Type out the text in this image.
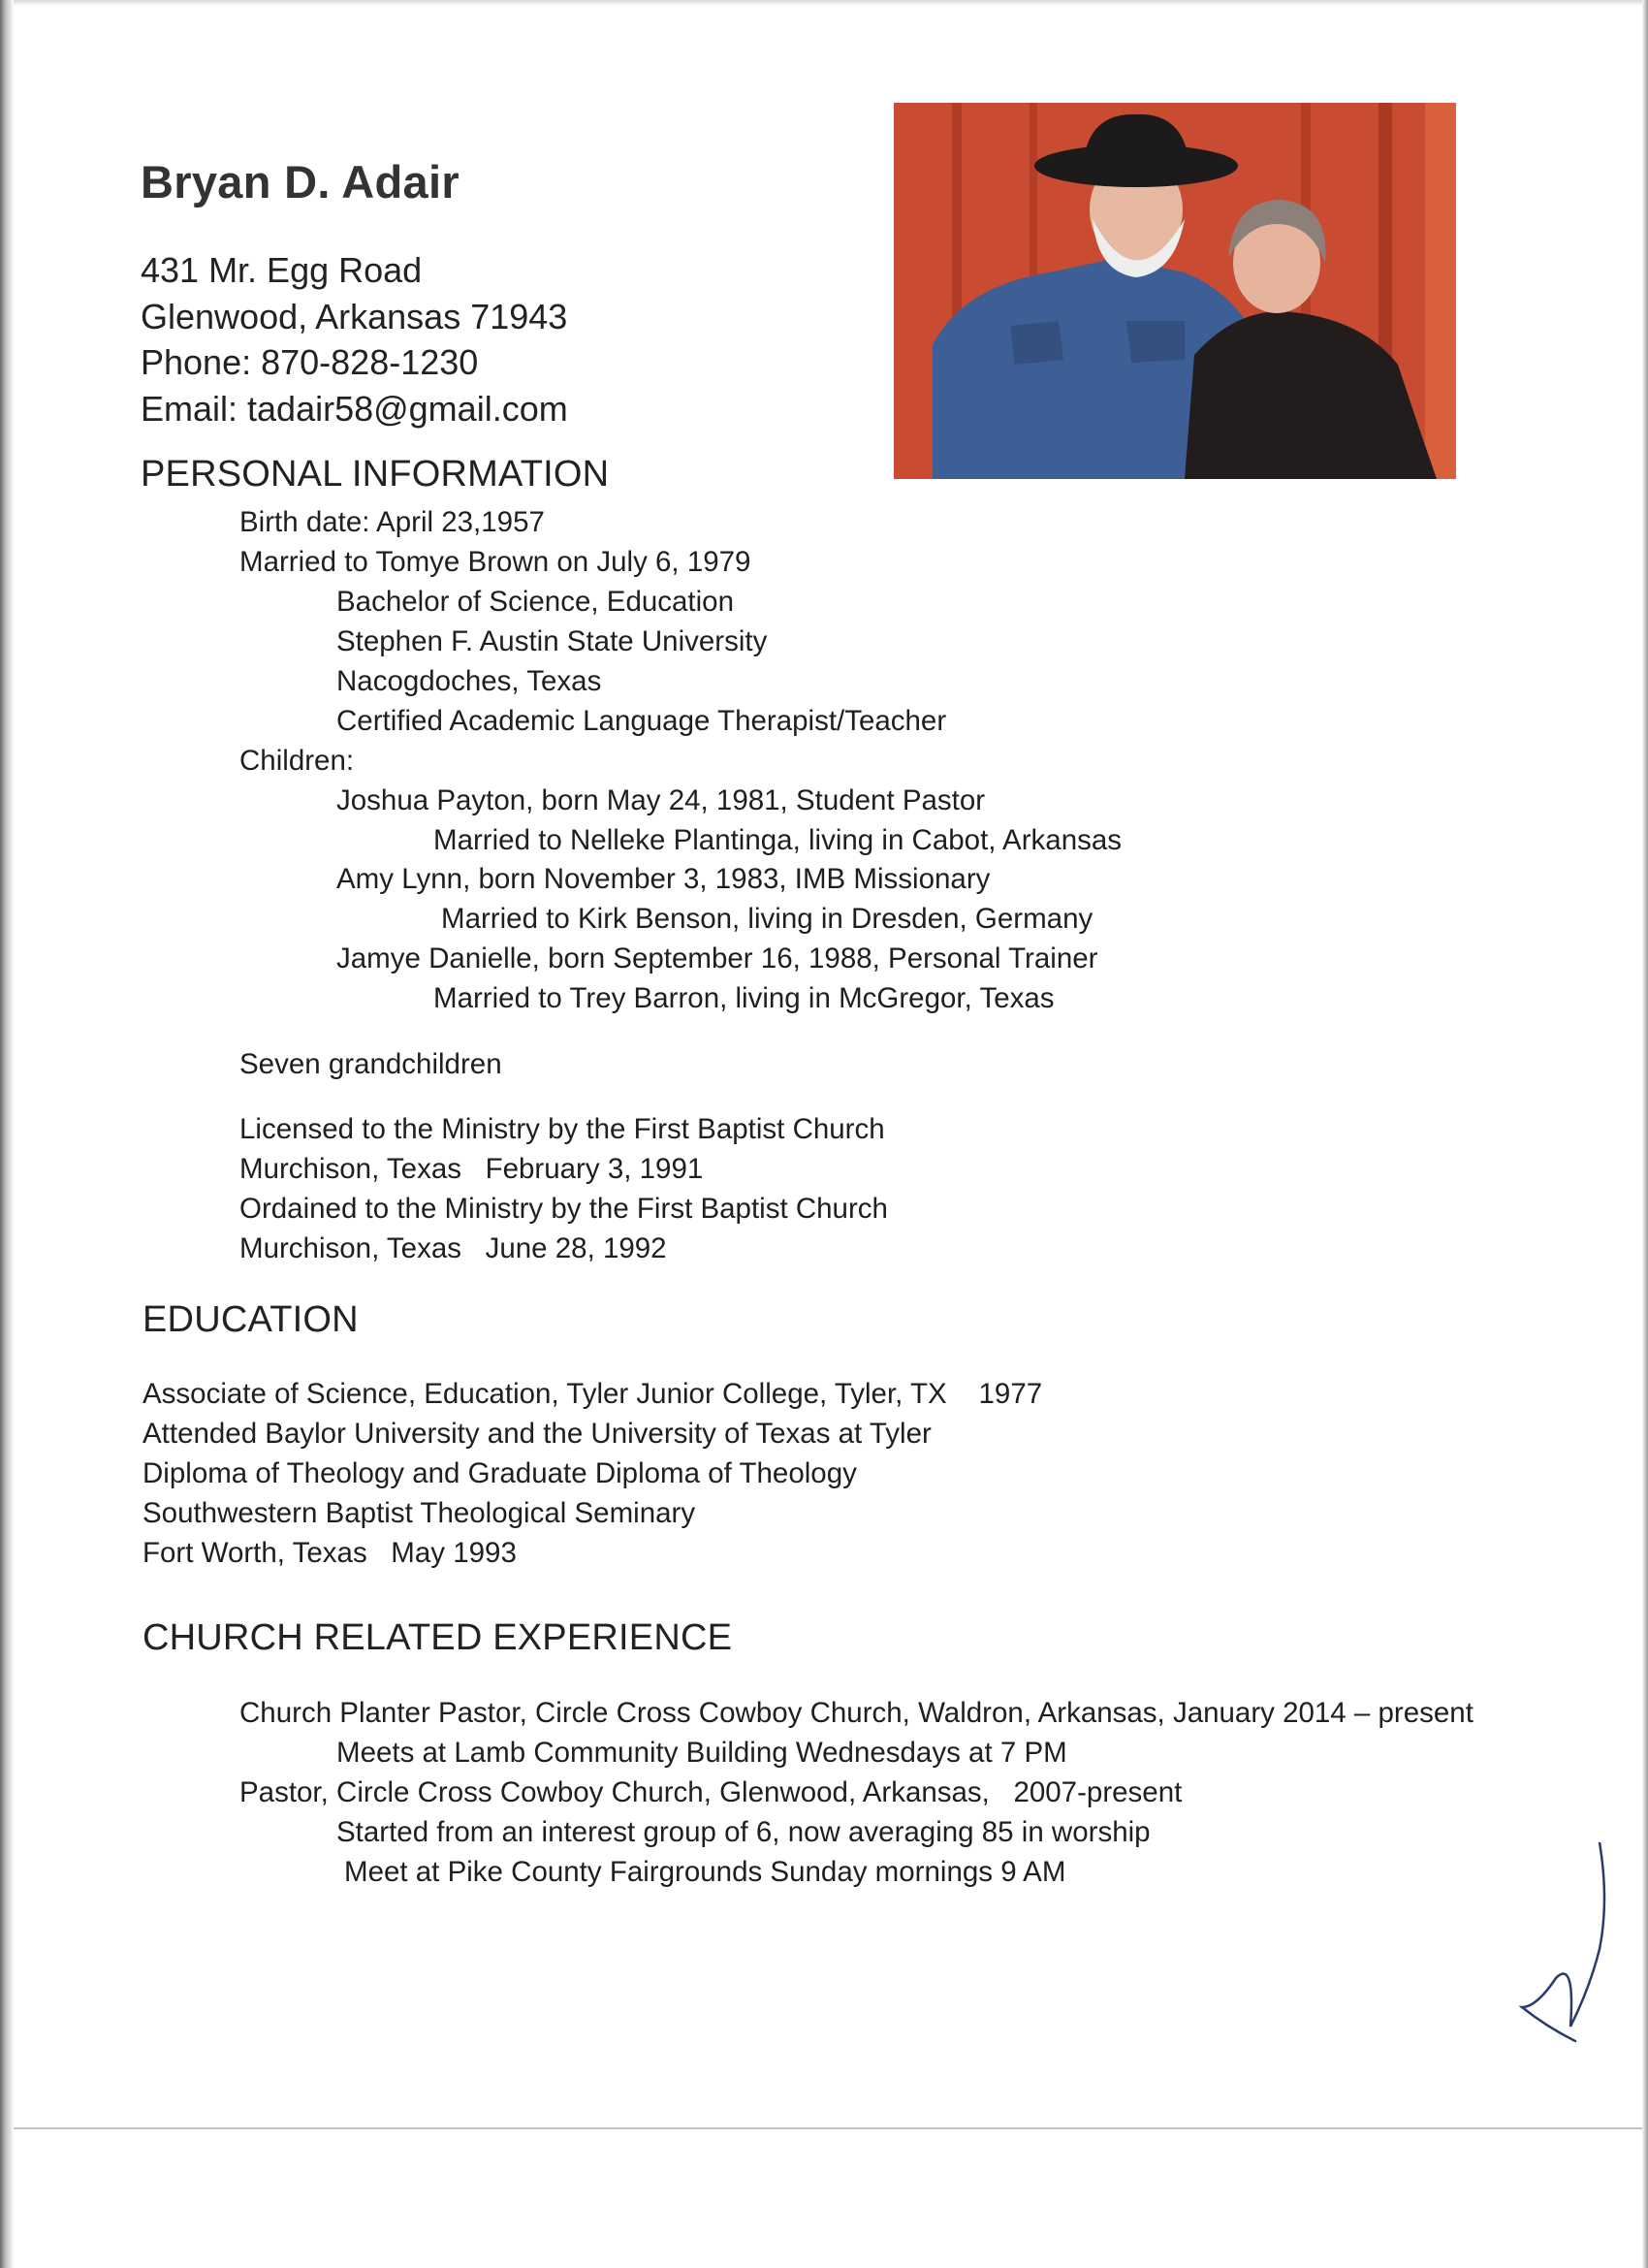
Bryan D. Adair
431 Mr. Egg Road
Glenwood, Arkansas 71943
Phone: 870-828-1230
Email: tadair58@gmail.com
PERSONAL INFORMATION
Birth date: April 23,1957
Married to Tomye Brown on July 6, 1979
Bachelor of Science, Education
Stephen F. Austin State University
Nacogdoches, Texas
Certified Academic Language Therapist/Teacher
Children:
Joshua Payton, born May 24, 1981, Student Pastor
Married to Nelleke Plantinga, living in Cabot, Arkansas
Amy Lynn, born November 3, 1983, IMB Missionary
Married to Kirk Benson, living in Dresden, Germany
Jamye Danielle, born September 16, 1988, Personal Trainer
Married to Trey Barron, living in McGregor, Texas
Seven grandchildren
Licensed to the Ministry by the First Baptist Church
Murchison, Texas   February 3, 1991
Ordained to the Ministry by the First Baptist Church
Murchison, Texas   June 28, 1992
EDUCATION
Associate of Science, Education, Tyler Junior College, Tyler, TX    1977
Attended Baylor University and the University of Texas at Tyler
Diploma of Theology and Graduate Diploma of Theology
Southwestern Baptist Theological Seminary
Fort Worth, Texas   May 1993
CHURCH RELATED EXPERIENCE
Church Planter Pastor, Circle Cross Cowboy Church, Waldron, Arkansas, January 2014 – present
Meets at Lamb Community Building Wednesdays at 7 PM
Pastor, Circle Cross Cowboy Church, Glenwood, Arkansas,   2007-present
Started from an interest group of 6, now averaging 85 in worship
Meet at Pike County Fairgrounds Sunday mornings 9 AM
